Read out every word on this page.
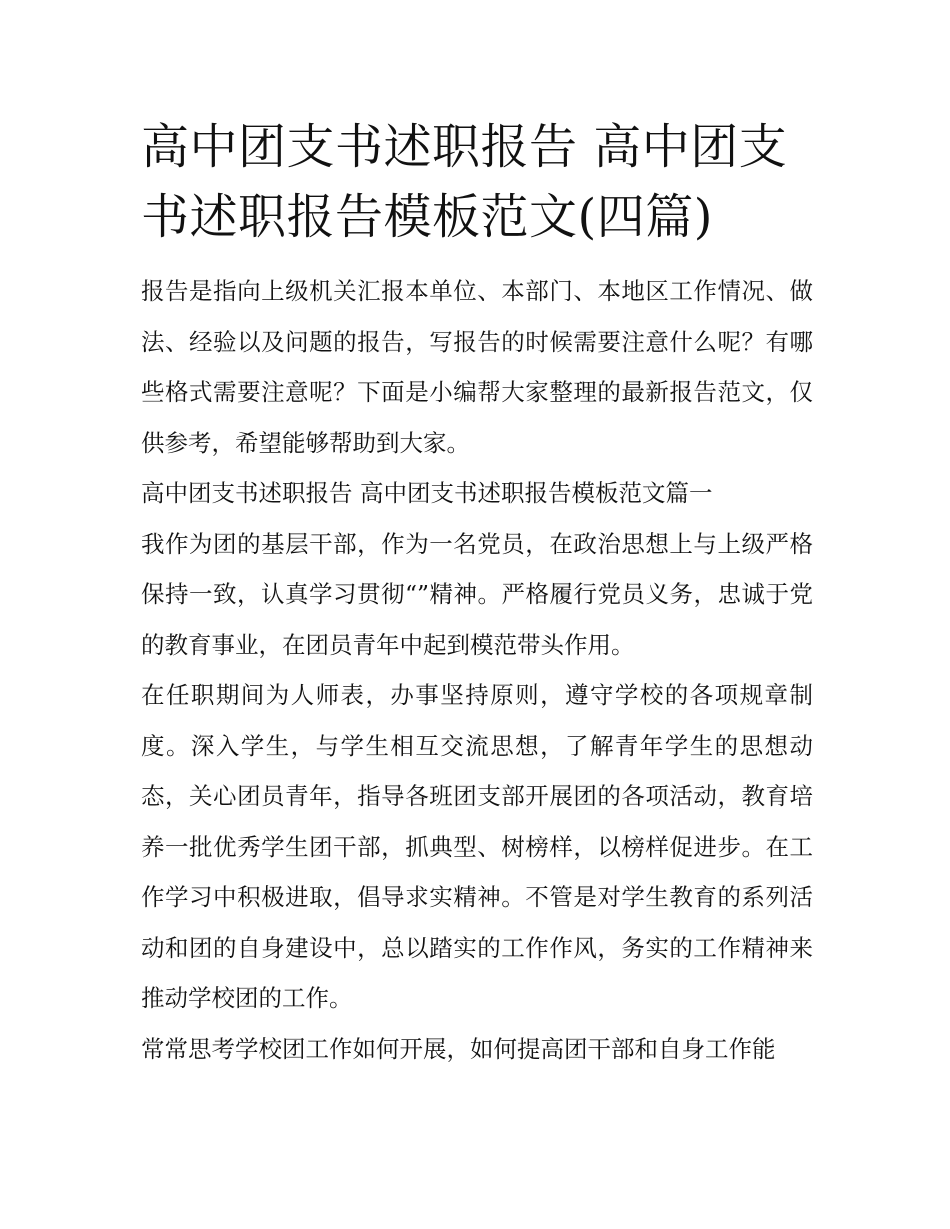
高中团支书述职报告 高中团支书述职报告模板范文(四篇)

报告是指向上级机关汇报本单位、本部门、本地区工作情况、做法、经验以及问题的报告，写报告的时候需要注意什么呢？有哪些格式需要注意呢？下面是小编帮大家整理的最新报告范文，仅供参考，希望能够帮助到大家。

高中团支书述职报告 高中团支书述职报告模板范文篇一

我作为团的基层干部，作为一名党员，在政治思想上与上级严格保持一致，认真学习贯彻“”精神。严格履行党员义务，忠诚于党的教育事业，在团员青年中起到模范带头作用。

在任职期间为人师表，办事坚持原则，遵守学校的各项规章制度。深入学生，与学生相互交流思想，了解青年学生的思想动态，关心团员青年，指导各班团支部开展团的各项活动，教育培养一批优秀学生团干部，抓典型、树榜样，以榜样促进步。在工作学习中积极进取，倡导求实精神。不管是对学生教育的系列活动和团的自身建设中，总以踏实的工作作风，务实的工作精神来推动学校团的工作。

常常思考学校团工作如何开展，如何提高团干部和自身工作能
